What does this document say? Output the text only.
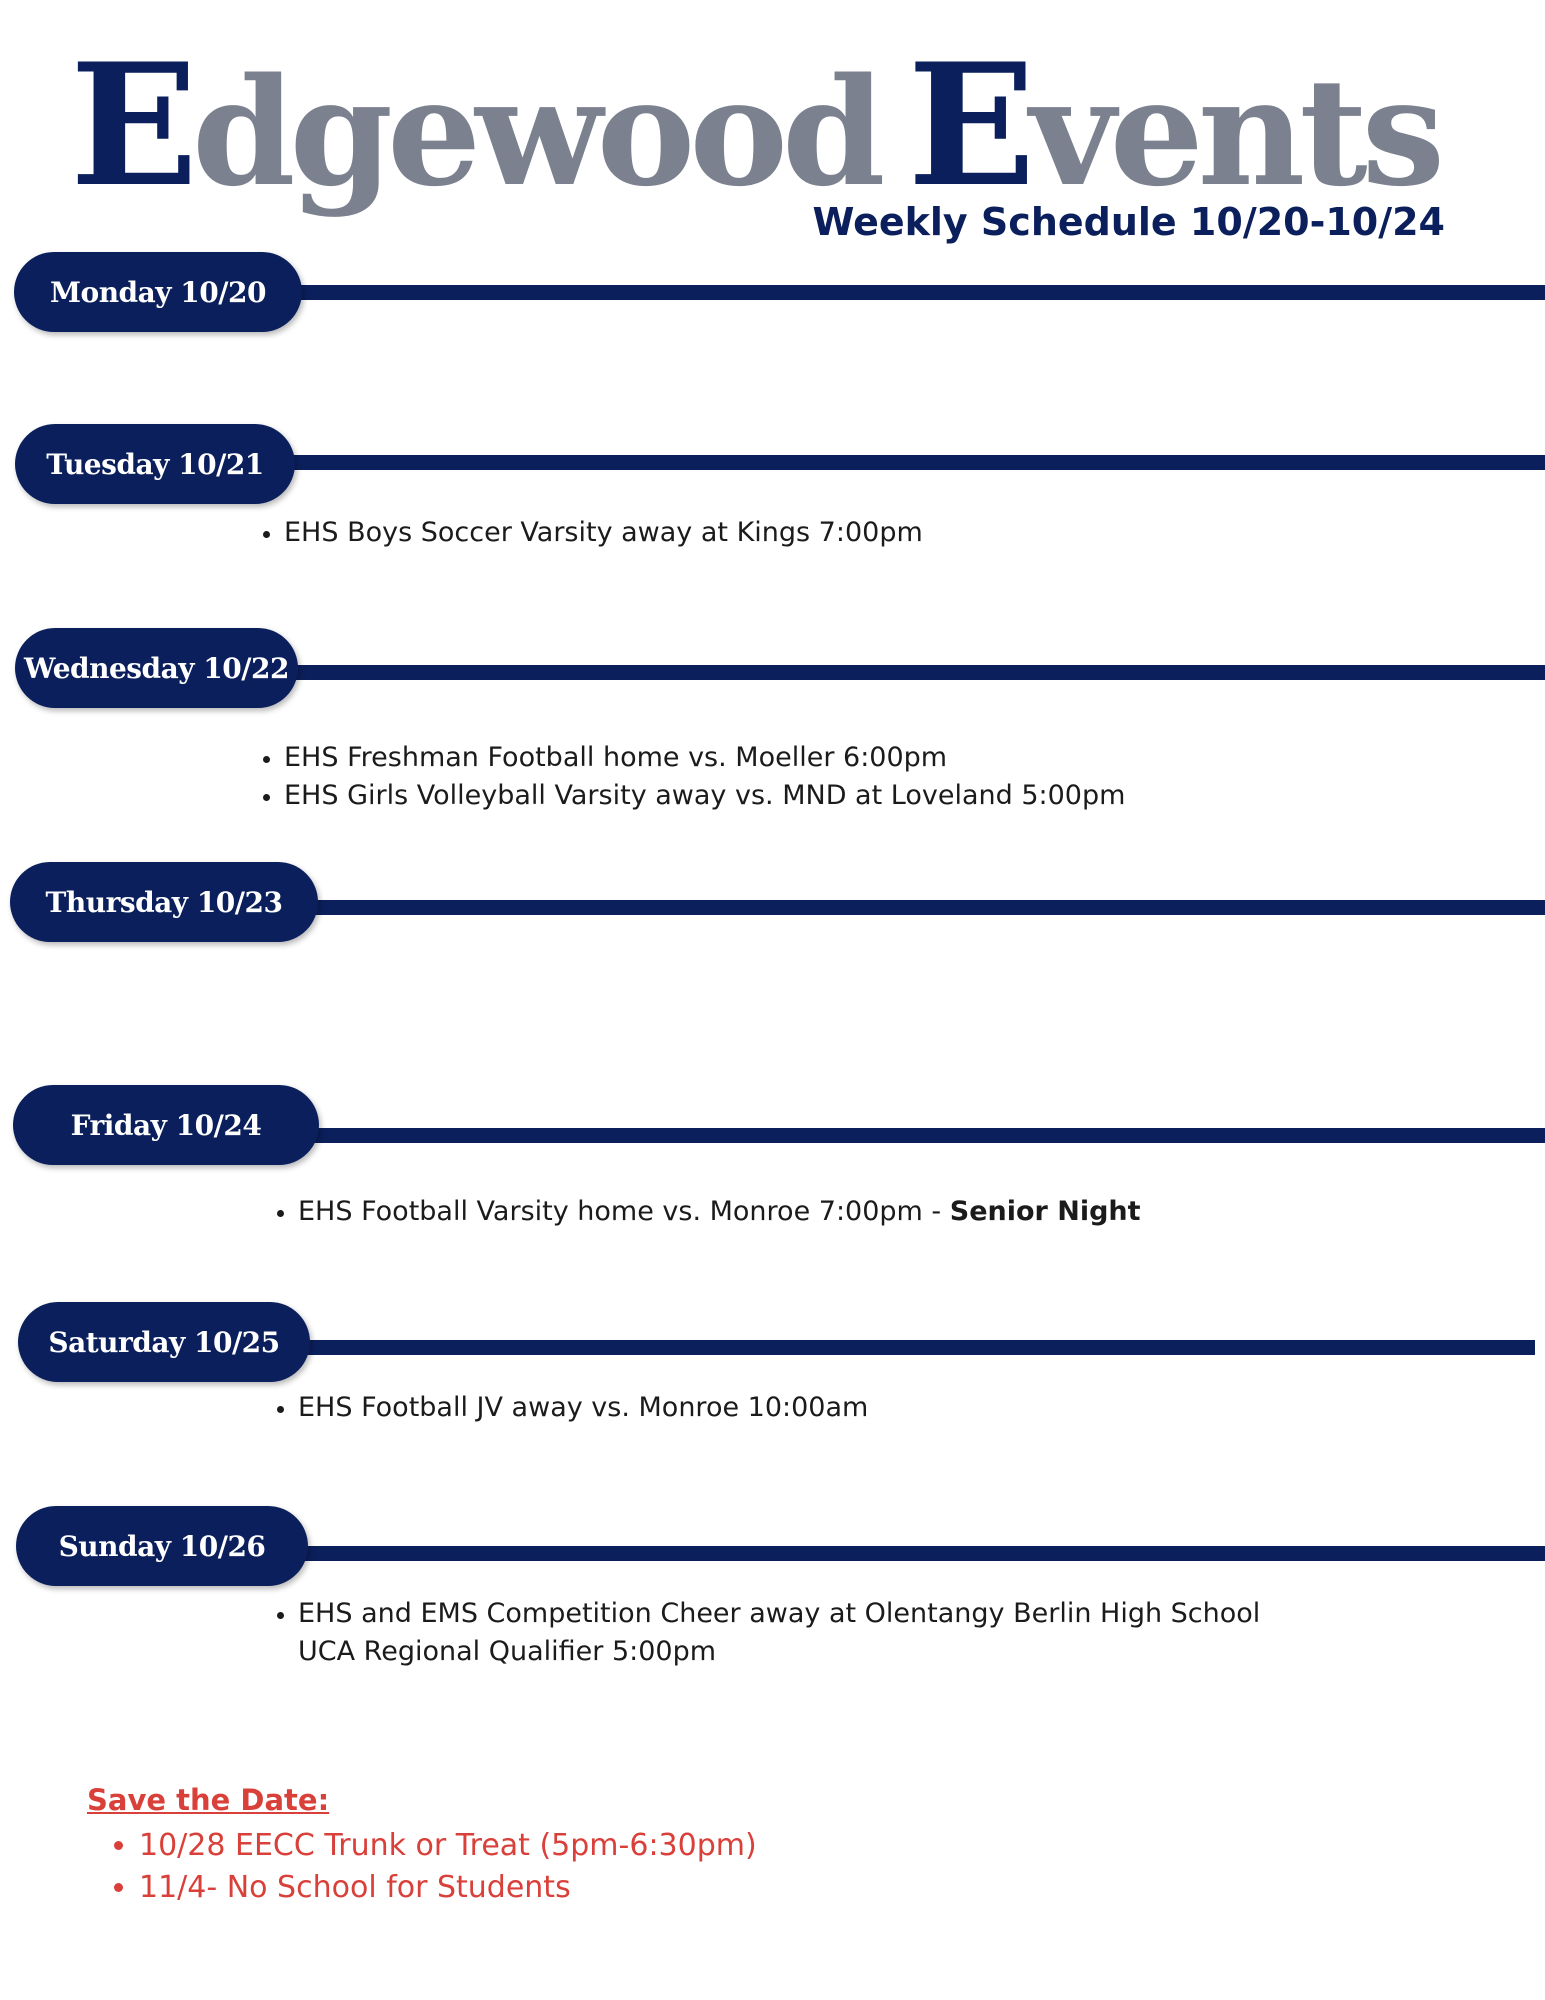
Edgewood Events

Weekly Schedule 10/20-10/24

Monday 10/20
Tuesday 10/21
• EHS Boys Soccer Varsity away at Kings 7:00pm
Wednesday 10/22
• EHS Freshman Football home vs. Moeller 6:00pm
• EHS Girls Volleyball Varsity away vs. MND at Loveland 5:00pm
Thursday 10/23
Friday 10/24
• EHS Football Varsity home vs. Monroe 7:00pm - Senior Night
Saturday 10/25
• EHS Football JV away vs. Monroe 10:00am
Sunday 10/26
• EHS and EMS Competition Cheer away at Olentangy Berlin High School
UCA Regional Qualifier 5:00pm

Save the Date:

• 10/28 EECC Trunk or Treat (5pm-6:30pm)
• 11/4- No School for Students
